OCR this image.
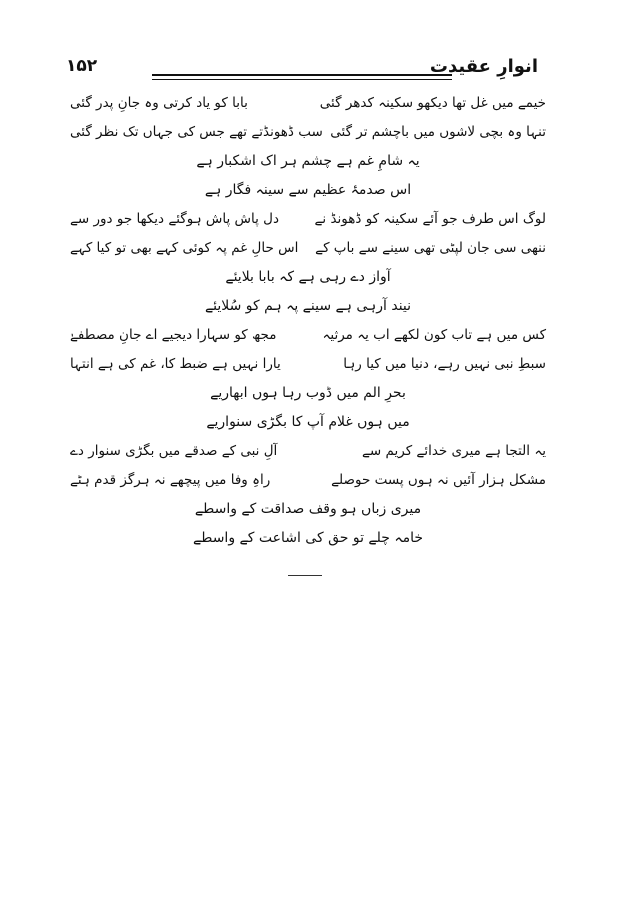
۱۵۲	انوارِ عقیدت
خیمے میں غل تھا دیکھو سکینہ کدھر گئی
بابا کو یاد کرتی وہ جانِ پدر گئی
تنہا وہ بچی لاشوں میں باچشم تر گئی
سب ڈھونڈتے تھے جس کی جہاں تک نظر گئی
یہ شامِ غم ہے چشم ہر اک اشکبار ہے
اس صدمۂ عظیم سے سینہ فگار ہے
لوگ اس طرف جو آئے سکینہ کو ڈھونڈ نے
دل پاش پاش ہوگئے دیکھا جو دور سے
ننھی سی جان لپٹی تھی سینے سے باپ کے
اس حالِ غم پہ کوئی کہے بھی تو کیا کہے
آواز دے رہی ہے کہ بابا بلایئے
نیند آرہی ہے سینے پہ ہم کو سُلایئے
کس میں ہے تاب کون لکھے اب یہ مرثیہ
مجھ کو سہارا دیجیے اے جانِ مصطفےٰ
سبطِ نبی نہیں رہے، دنیا میں کیا رہا
یارا نہیں ہے ضبط کا، غم کی ہے انتہا
بحرِ الم میں ڈوب رہا ہوں ابھاریے
میں ہوں غلام آپ کا بگڑی سنواریے
یہ التجا ہے میری خدائے کریم سے
آلِ نبی کے صدقے میں بگڑی سنوار دے
مشکل ہزار آئیں نہ ہوں پست حوصلے
راہِ وفا میں پیچھے نہ ہرگز قدم ہٹے
میری زباں ہو وقف صداقت کے واسطے
خامہ چلے تو حق کی اشاعت کے واسطے
